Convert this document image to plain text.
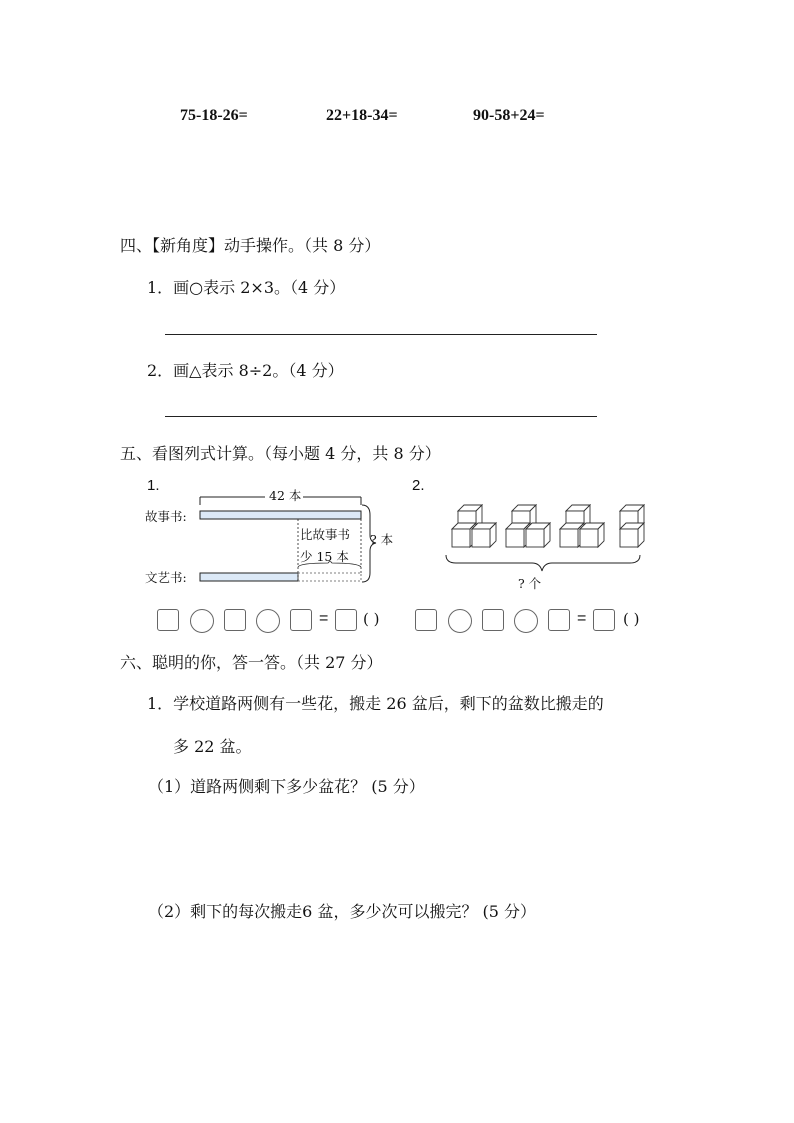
75-18-26=	22+18-34=	90-58+24=
四、【新角度】动手操作。（共 8 分）
1．画○表示 2×3。（4 分）
2．画△表示 8÷2。（4 分）
五、看图列式计算。（每小题 4 分，共 8 分）
1.
42 本
故事书:
文艺书:
比故事书
少 15 本
? 本
2.
? 个
= ( )	= ( )
六、聪明的你，答一答。（共 27 分）
1．学校道路两侧有一些花，搬走 26 盆后，剩下的盆数比搬走的
多 22 盆。
（1）道路两侧剩下多少盆花？ (5 分）
（2）剩下的每次搬走6 盆，多少次可以搬完？ (5 分）
